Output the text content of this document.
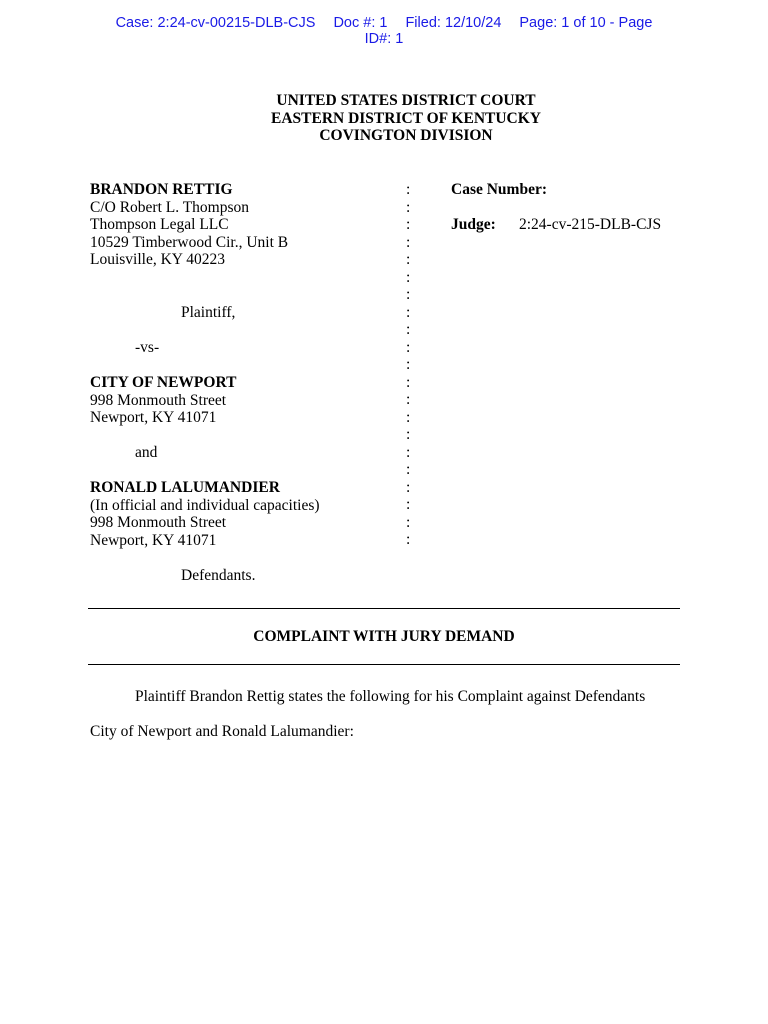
Case: 2:24-cv-00215-DLB-CJS Doc #: 1 Filed: 12/10/24 Page: 1 of 10 - Page
ID#: 1
UNITED STATES DISTRICT COURT
EASTERN DISTRICT OF KENTUCKY
COVINGTON DIVISION
BRANDON RETTIG
C/O Robert L. Thompson
Thompson Legal LLC
10529 Timberwood Cir., Unit B
Louisville, KY 40223
Plaintiff,
-vs-
CITY OF NEWPORT
998 Monmouth Street
Newport, KY 41071
and
RONALD LALUMANDIER
(In official and individual capacities)
998 Monmouth Street
Newport, KY 41071
Defendants.
:
:
:
:
:
:
:
:
:
:
:
:
:
:
:
:
:
:
:
:
:
Case Number:
Judge: 2:24-cv-215-DLB-CJS
COMPLAINT WITH JURY DEMAND
Plaintiff Brandon Rettig states the following for his Complaint against Defendants
City of Newport and Ronald Lalumandier:
